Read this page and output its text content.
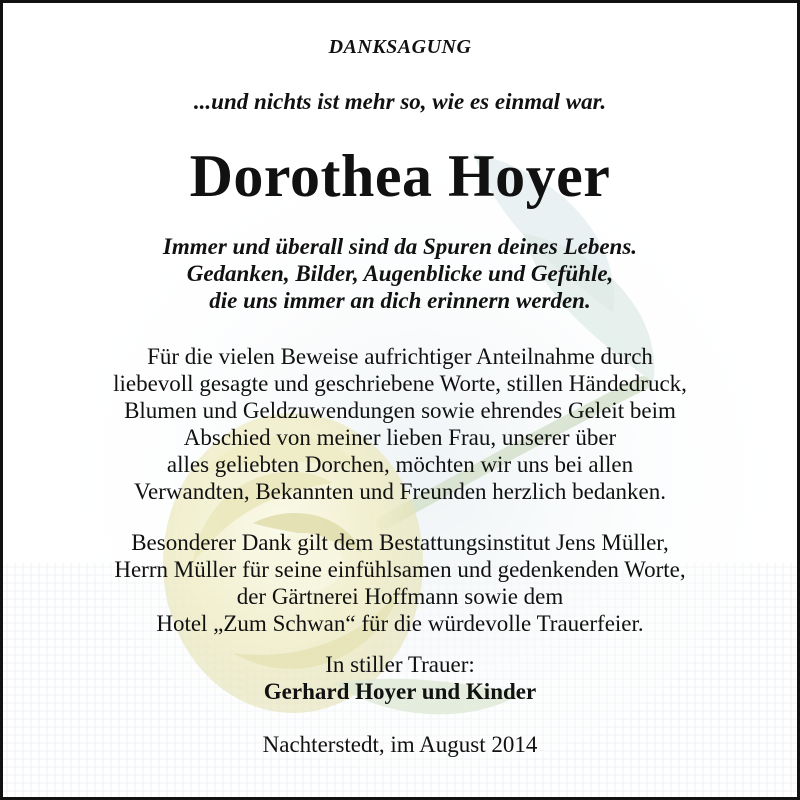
DANKSAGUNG
...und nichts ist mehr so, wie es einmal war.
Dorothea Hoyer
Immer und überall sind da Spuren deines Lebens.
Gedanken, Bilder, Augenblicke und Gefühle,
die uns immer an dich erinnern werden.
Für die vielen Beweise aufrichtiger Anteilnahme durch
liebevoll gesagte und geschriebene Worte, stillen Händedruck,
Blumen und Geldzuwendungen sowie ehrendes Geleit beim
Abschied von meiner lieben Frau, unserer über
alles geliebten Dorchen, möchten wir uns bei allen
Verwandten, Bekannten und Freunden herzlich bedanken.
Besonderer Dank gilt dem Bestattungsinstitut Jens Müller,
Herrn Müller für seine einfühlsamen und gedenkenden Worte,
der Gärtnerei Hoffmann sowie dem
Hotel „Zum Schwan“ für die würdevolle Trauerfeier.
In stiller Trauer:
Gerhard Hoyer und Kinder
Nachterstedt, im August 2014
